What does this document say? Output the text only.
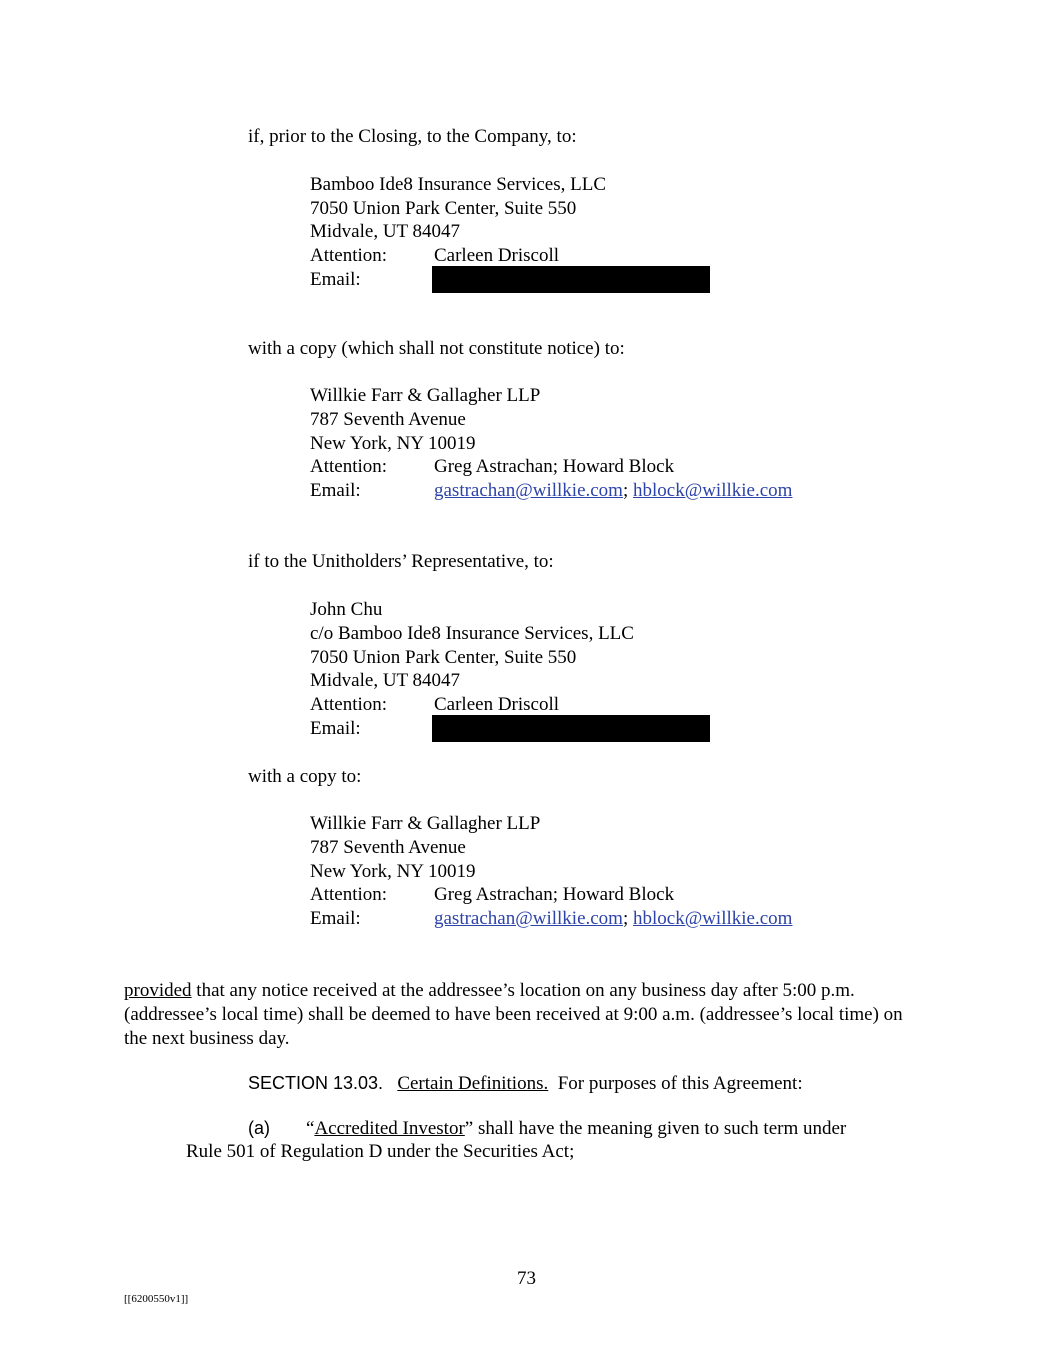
if, prior to the Closing, to the Company, to:
Bamboo Ide8 Insurance Services, LLC
7050 Union Park Center, Suite 550
Midvale, UT 84047
Attention: Carleen Driscoll
Email:
with a copy (which shall not constitute notice) to:
Willkie Farr & Gallagher LLP
787 Seventh Avenue
New York, NY 10019
Attention: Greg Astrachan; Howard Block
Email:	gastrachan@willkie.com; hblock@willkie.com
if to the Unitholders’ Representative, to:
John Chu
c/o Bamboo Ide8 Insurance Services, LLC
7050 Union Park Center, Suite 550
Midvale, UT 84047
Attention: Carleen Driscoll
Email:
with a copy to:
Willkie Farr & Gallagher LLP
787 Seventh Avenue
New York, NY 10019
Attention: Greg Astrachan; Howard Block
Email:	gastrachan@willkie.com; hblock@willkie.com
provided that any notice received at the addressee’s location on any business day after 5:00 p.m. (addressee’s local time) shall be deemed to have been received at 9:00 a.m. (addressee’s local time) on the next business day.
SECTION 13.03. Certain Definitions. For purposes of this Agreement:
(a) “Accredited Investor” shall have the meaning given to such term under
Rule 501 of Regulation D under the Securities Act;
73
[[6200550v1]]
